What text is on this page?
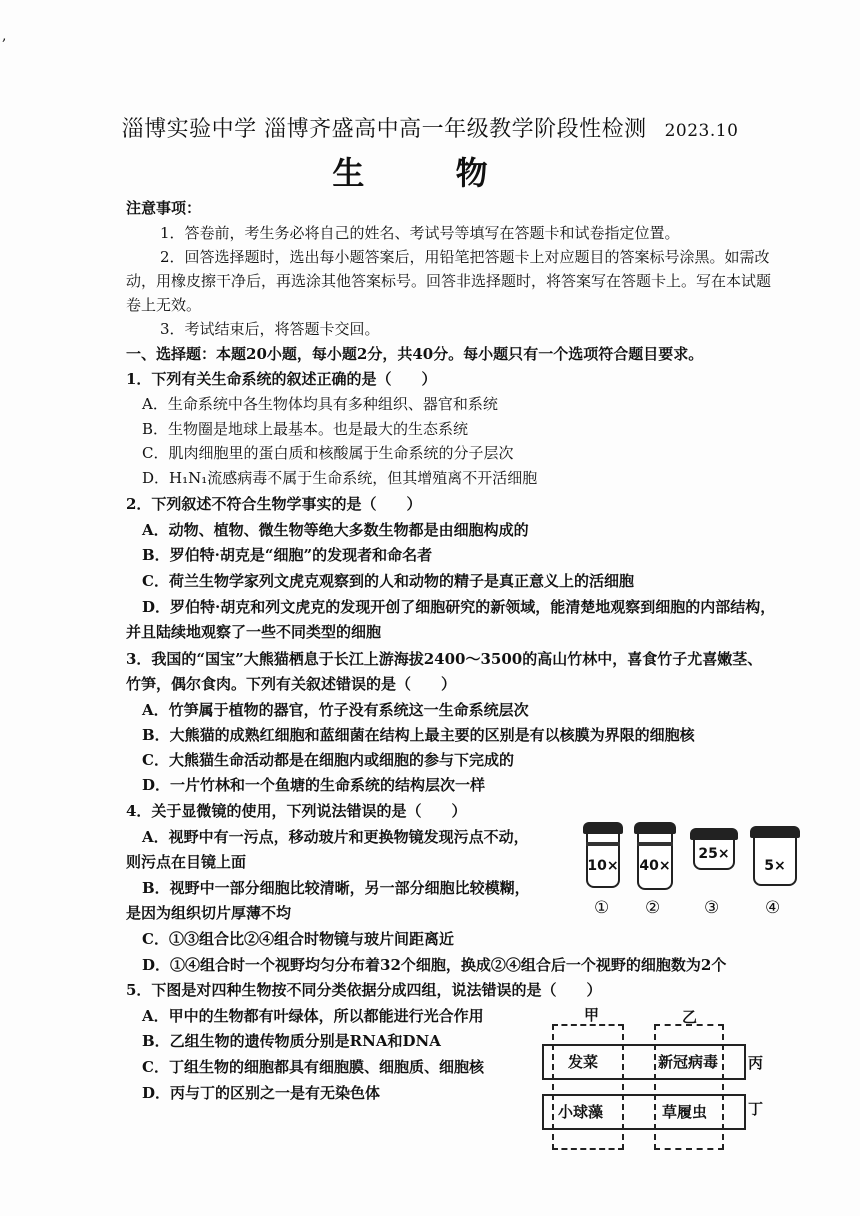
,
淄博实验中学 淄博齐盛高中高一年级教学阶段性检测 2023.10
生 物
注意事项：
1．答卷前，考生务必将自己的姓名、考试号等填写在答题卡和试卷指定位置。
2．回答选择题时，选出每小题答案后，用铅笔把答题卡上对应题目的答案标号涂黑。如需改
动，用橡皮擦干净后，再选涂其他答案标号。回答非选择题时，将答案写在答题卡上。写在本试题
卷上无效。
3．考试结束后，将答题卡交回。
一、选择题：本题20小题，每小题2分，共40分。每小题只有一个选项符合题目要求。
1．下列有关生命系统的叙述正确的是（　　）
A．生命系统中各生物体均具有多种组织、器官和系统
B．生物圈是地球上最基本。也是最大的生态系统
C．肌肉细胞里的蛋白质和核酸属于生命系统的分子层次
D．H₁N₁流感病毒不属于生命系统，但其增殖离不开活细胞
2．下列叙述不符合生物学事实的是（　　）
A．动物、植物、微生物等绝大多数生物都是由细胞构成的
B．罗伯特·胡克是“细胞”的发现者和命名者
C．荷兰生物学家列文虎克观察到的人和动物的精子是真正意义上的活细胞
D．罗伯特·胡克和列文虎克的发现开创了细胞研究的新领域，能清楚地观察到细胞的内部结构，
并且陆续地观察了一些不同类型的细胞
3．我国的“国宝”大熊猫栖息于长江上游海拔2400～3500的高山竹林中，喜食竹子尤喜嫩茎、
竹笋，偶尔食肉。下列有关叙述错误的是（　　）
A．竹笋属于植物的器官，竹子没有系统这一生命系统层次
B．大熊猫的成熟红细胞和蓝细菌在结构上最主要的区别是有以核膜为界限的细胞核
C．大熊猫生命活动都是在细胞内或细胞的参与下完成的
D．一片竹林和一个鱼塘的生命系统的结构层次一样
4．关于显微镜的使用，下列说法错误的是（　　）
A．视野中有一污点，移动玻片和更换物镜发现污点不动，
则污点在目镜上面
B．视野中一部分细胞比较清晰，另一部分细胞比较模糊，
是因为组织切片厚薄不均
C．①③组合比②④组合时物镜与玻片间距离近
D．①④组合时一个视野均匀分布着32个细胞，换成②④组合后一个视野的细胞数为2个
10×	40×
25×
5×
① ②	③	④
5．下图是对四种生物按不同分类依据分成四组，说法错误的是（　　）
A．甲中的生物都有叶绿体，所以都能进行光合作用
B．乙组生物的遗传物质分别是RNA和DNA
C．丁组生物的细胞都具有细胞膜、细胞质、细胞核
D．丙与丁的区别之一是有无染色体
甲	乙
丙
丁
发菜	新冠病毒
小球藻	草履虫
